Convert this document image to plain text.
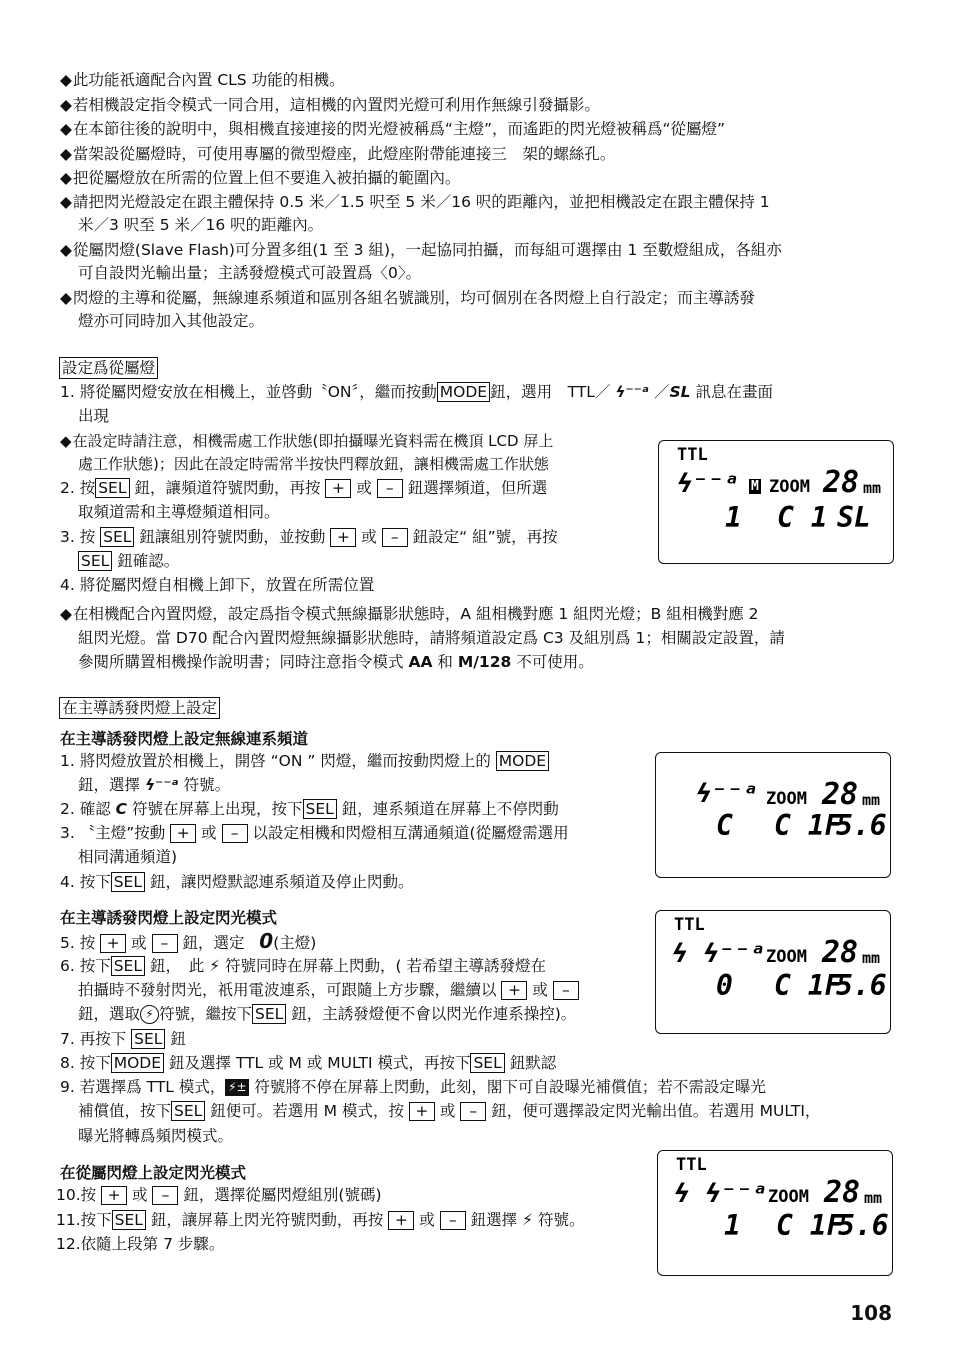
◆ 此功能祇適配合內置 CLS 功能的相機。
◆ 若相機設定指令模式一同合用，這相機的內置閃光燈可利用作無線引發攝影。
◆ 在本節往後的說明中，與相機直接連接的閃光燈被稱爲“主燈”，而遙距的閃光燈被稱爲“從屬燈”
◆ 當架設從屬燈時，可使用專屬的微型燈座，此燈座附帶能連接三　架的螺絲孔。
◆ 把從屬燈放在所需的位置上但不要進入被拍攝的範圍內。
◆ 請把閃光燈設定在跟主體保持 0.5 米／1.5 呎至 5 米／16 呎的距離內，並把相機設定在跟主體保持 1
米／3 呎至 5 米／16 呎的距離內。
◆ 從屬閃燈(Slave Flash)可分置多组(1 至 3 組)，一起協同拍攝，而每組可選擇由 1 至數燈組成，各組亦
可自設閃光輸出量；主誘發燈模式可設置爲〈0〉。
◆ 閃燈的主導和從屬，無線連系頻道和區別各組名號識別，均可個別在各閃燈上自行設定；而主導誘發
燈亦可同時加入其他設定。
設定爲從屬燈
1. 將從屬閃燈安放在相機上，並啓動〝ON〞，繼而按動 MODE 鈕，選用　TTL／ ϟ⁻⁻ᵃ ／SL 訊息在畫面
出現
◆ 在設定時請注意，相機需處工作狀態(即拍攝曝光資料需在機頂 LCD 屏上
處工作狀態)；因此在設定時需常半按快門釋放鈕，讓相機需處工作狀態
2. 按 SEL 鈕，讓頻道符號閃動，再按 + 或 – 鈕選擇頻道，但所選
取頻道需和主導燈頻道相同。
3. 按 SEL 鈕讓組別符號閃動，並按動 + 或 – 鈕設定“ 組”號，再按
SEL 鈕確認。
4. 將從屬閃燈自相機上卸下，放置在所需位置
◆ 在相機配合內置閃燈，設定爲指令模式無線攝影狀態時，A 組相機對應 1 組閃光燈；B 組相機對應 2
組閃光燈。當 D70 配合內置閃燈無線攝影狀態時，請將頻道設定爲 C3 及組別爲 1；相關設定設置，請
參閱所購置相機操作說明書；同時注意指令模式 AA 和 M/128 不可使用。
TTL
ϟ⁻⁻ᵃ M ZOOM 28 mm
1 C 1 SL
在主導誘發閃燈上設定
在主導誘發閃燈上設定無線連系頻道
1. 將閃燈放置於相機上，開啓 “ON ” 閃燈，繼而按動閃燈上的 MODE
鈕，選擇 ϟ⁻⁻ᵃ 符號。
2. 確認 C 符號在屏幕上出現，按下 SEL 鈕，連系頻道在屏幕上不停閃動
3. 〝主燈”按動 + 或 – 以設定相機和閃燈相互溝通頻道(從屬燈需選用
相同溝通頻道)
4. 按下 SEL 鈕，讓閃燈默認連系頻道及停止閃動。
ϟ⁻⁻ᵃ ZOOM 28 mm
C C 1F
5.6
在主導誘發閃燈上設定閃光模式
5. 按 + 或 – 鈕，選定 0(主燈)
6. 按下 SEL 鈕，　此 ⚡ 符號同時在屏幕上閃動，( 若希望主導誘發燈在
拍攝時不發射閃光，祇用電波連系，可跟隨上方步驟，繼續以 + 或 –
鈕，選取 ⚡ 符號，繼按下 SEL 鈕，主誘發燈便不會以閃光作連系操控)。
7. 再按下 SEL 鈕
8. 按下 MODE 鈕及選擇 TTL 或 M 或 MULTI 模式，再按下 SEL 鈕默認
9. 若選擇爲 TTL 模式， ⚡± 符號將不停在屏幕上閃動，此刻，閣下可自設曝光補償值；若不需設定曝光
補償值，按下 SEL 鈕便可。若選用 M 模式，按 + 或 – 鈕，便可選擇設定閃光輸出值。若選用 MULTI，
曝光將轉爲頻閃模式。
TTL
ϟ ϟ⁻⁻ᵃ ZOOM 28 mm
0 C 1F
5.6
在從屬閃燈上設定閃光模式
10.按 + 或 – 鈕，選擇從屬閃燈組別(號碼)
11.按下 SEL 鈕，讓屏幕上閃光符號閃動，再按 + 或 – 鈕選擇 ⚡ 符號。
12.依隨上段第 7 步驟。
TTL
ϟ ϟ⁻⁻ᵃ ZOOM 28 mm
1 C 1F
5.6
108
